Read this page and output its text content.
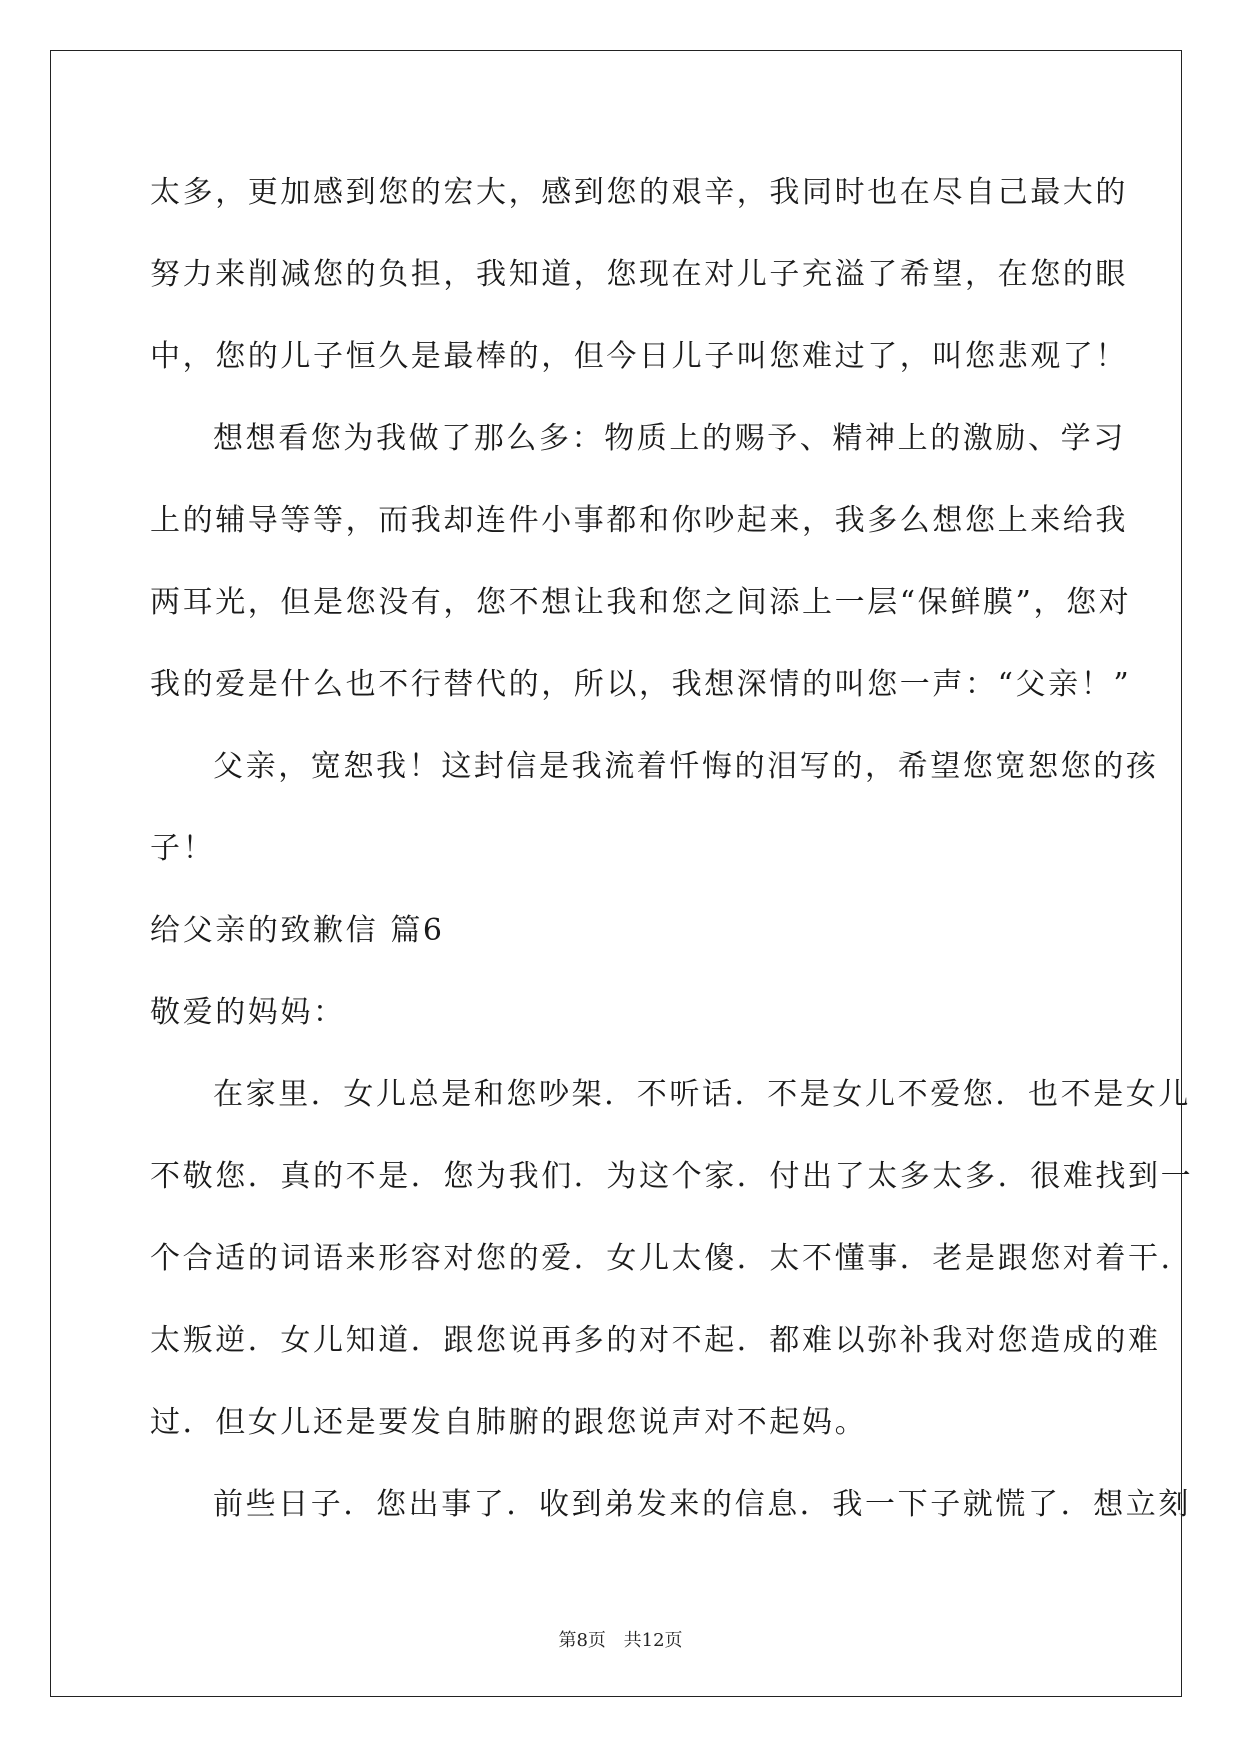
太多，更加感到您的宏大，感到您的艰辛，我同时也在尽自己最大的
努力来削减您的负担，我知道，您现在对儿子充溢了希望，在您的眼
中，您的儿子恒久是最棒的，但今日儿子叫您难过了，叫您悲观了！
想想看您为我做了那么多：物质上的赐予、精神上的激励、学习
上的辅导等等，而我却连件小事都和你吵起来，我多么想您上来给我
两耳光，但是您没有，您不想让我和您之间添上一层“保鲜膜”，您对
我的爱是什么也不行替代的，所以，我想深情的叫您一声：“父亲！”
父亲，宽恕我！这封信是我流着忏悔的泪写的，希望您宽恕您的孩
子！
给父亲的致歉信 篇6
敬爱的妈妈：
在家里．女儿总是和您吵架．不听话．不是女儿不爱您．也不是女儿
不敬您．真的不是．您为我们．为这个家．付出了太多太多．很难找到一
个合适的词语来形容对您的爱．女儿太傻．太不懂事．老是跟您对着干．
太叛逆．女儿知道．跟您说再多的对不起．都难以弥补我对您造成的难
过．但女儿还是要发自肺腑的跟您说声对不起妈。
前些日子．您出事了．收到弟发来的信息．我一下子就慌了．想立刻
第8页 共12页
